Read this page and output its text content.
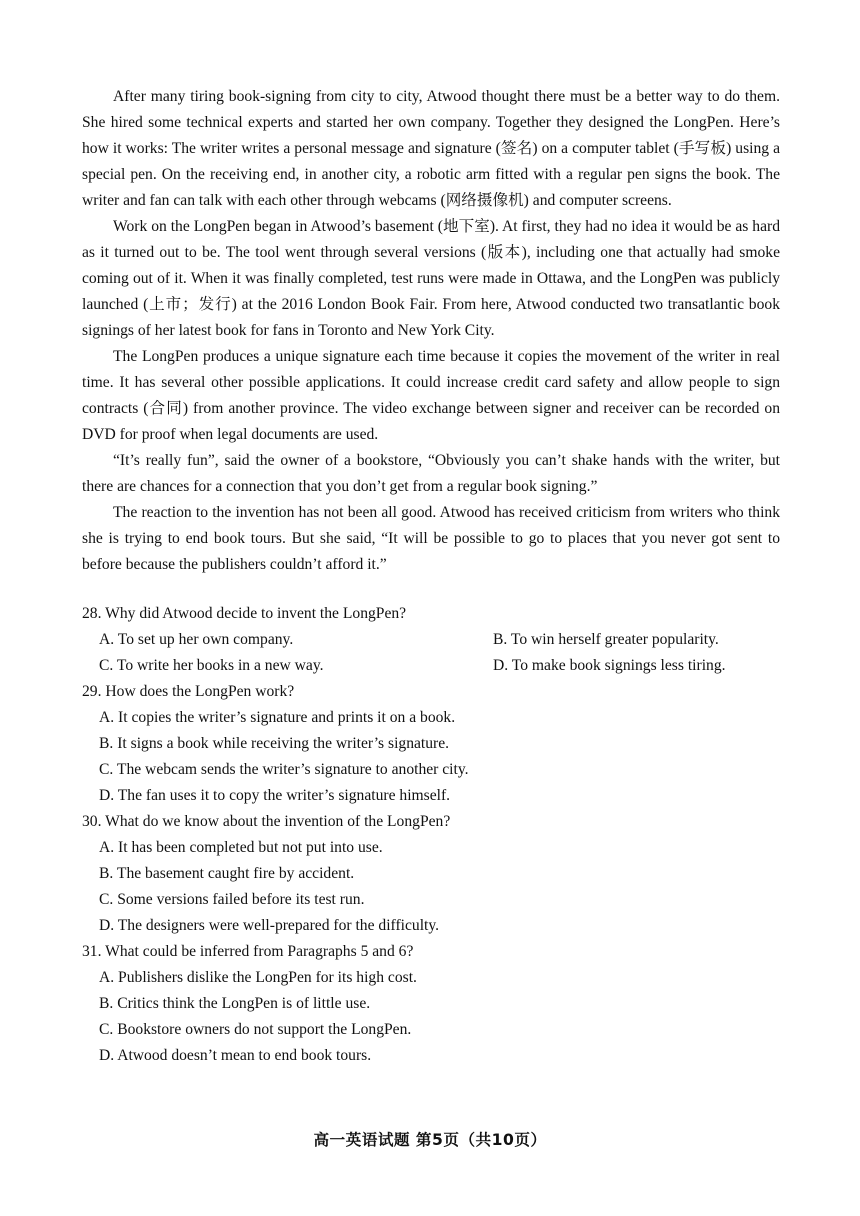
After many tiring book-signing from city to city, Atwood thought there must be a better way to do them. She hired some technical experts and started her own company. Together they designed the LongPen. Here’s how it works: The writer writes a personal message and signature (签名) on a computer tablet (手写板) using a special pen. On the receiving end, in another city, a robotic arm fitted with a regular pen signs the book. The writer and fan can talk with each other through webcams (网络摄像机) and computer screens.

Work on the LongPen began in Atwood’s basement (地下室). At first, they had no idea it would be as hard as it turned out to be. The tool went through several versions (版本), including one that actually had smoke coming out of it. When it was finally completed, test runs were made in Ottawa, and the LongPen was publicly launched (上市；发行) at the 2016 London Book Fair. From here, Atwood conducted two transatlantic book signings of her latest book for fans in Toronto and New York City.

The LongPen produces a unique signature each time because it copies the movement of the writer in real time. It has several other possible applications. It could increase credit card safety and allow people to sign contracts (合同) from another province. The video exchange between signer and receiver can be recorded on DVD for proof when legal documents are used.

“It’s really fun”, said the owner of a bookstore, “Obviously you can’t shake hands with the writer, but there are chances for a connection that you don’t get from a regular book signing.”

The reaction to the invention has not been all good. Atwood has received criticism from writers who think she is trying to end book tours. But she said, “It will be possible to go to places that you never got sent to before because the publishers couldn’t afford it.”

28. Why did Atwood decide to invent the LongPen?

A. To set up her own company.	B. To win herself greater popularity.

C. To write her books in a new way.	D. To make book signings less tiring.

29. How does the LongPen work?

A. It copies the writer’s signature and prints it on a book.

B. It signs a book while receiving the writer’s signature.

C. The webcam sends the writer’s signature to another city.

D. The fan uses it to copy the writer’s signature himself.

30. What do we know about the invention of the LongPen?

A. It has been completed but not put into use.

B. The basement caught fire by accident.

C. Some versions failed before its test run.

D. The designers were well-prepared for the difficulty.

31. What could be inferred from Paragraphs 5 and 6?

A. Publishers dislike the LongPen for its high cost.

B. Critics think the LongPen is of little use.

C. Bookstore owners do not support the LongPen.

D. Atwood doesn’t mean to end book tours.

高一英语试题 第5页（共10页）
